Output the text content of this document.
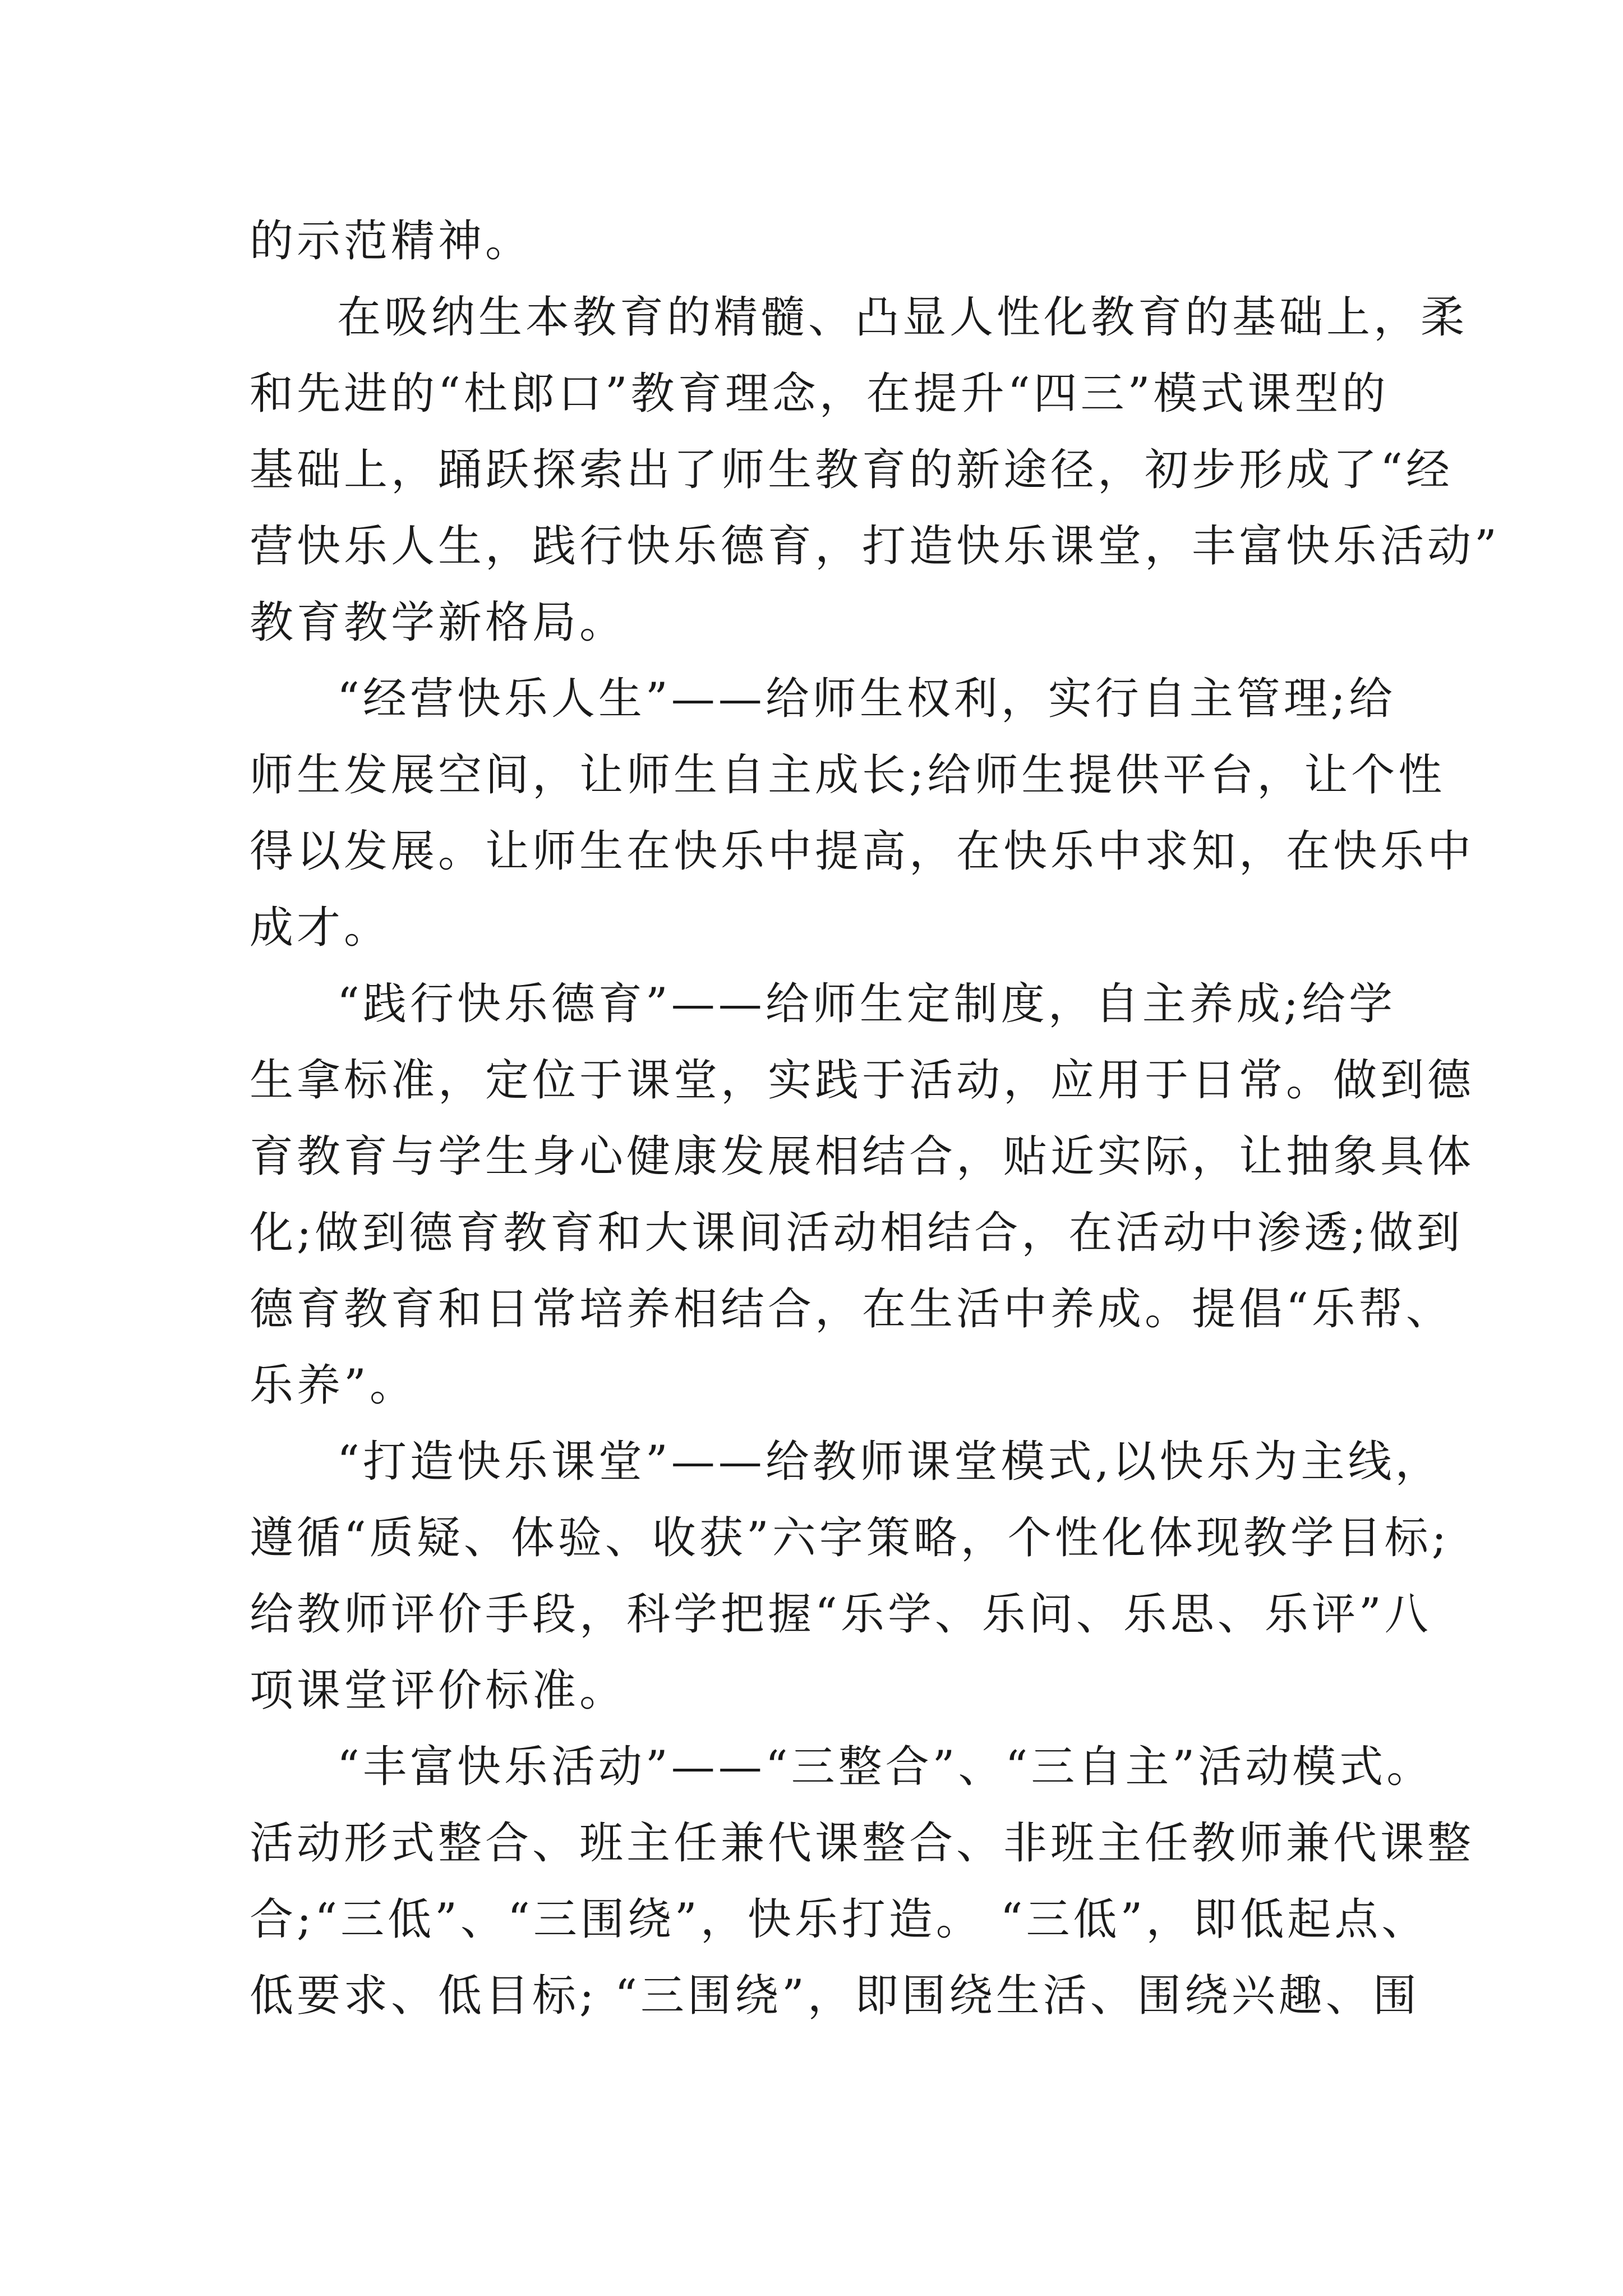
的示范精神。
在吸纳生本教育的精髓、凸显人性化教育的基础上，柔
和先进的“杜郎口”教育理念，在提升“四三”模式课型的
基础上，踊跃探索出了师生教育的新途径，初步形成了“经
营快乐人生，践行快乐德育，打造快乐课堂，丰富快乐活动”
教育教学新格局。
“经营快乐人生”——给师生权利，实行自主管理;给
师生发展空间，让师生自主成长;给师生提供平台，让个性
得以发展。让师生在快乐中提高，在快乐中求知，在快乐中
成才。
“践行快乐德育”——给师生定制度，自主养成;给学
生拿标准，定位于课堂，实践于活动，应用于日常。做到德
育教育与学生身心健康发展相结合，贴近实际，让抽象具体
化;做到德育教育和大课间活动相结合，在活动中渗透;做到
德育教育和日常培养相结合，在生活中养成。提倡“乐帮、
乐养”。
“打造快乐课堂”——给教师课堂模式,以快乐为主线，
遵循“质疑、体验、收获”六字策略，个性化体现教学目标;
给教师评价手段，科学把握“乐学、乐问、乐思、乐评”八
项课堂评价标准。
“丰富快乐活动”——“三整合”、“三自主”活动模式。
活动形式整合、班主任兼代课整合、非班主任教师兼代课整
合;“三低”、“三围绕”，快乐打造。 “三低”，即低起点、
低要求、低目标; “三围绕”，即围绕生活、围绕兴趣、围
